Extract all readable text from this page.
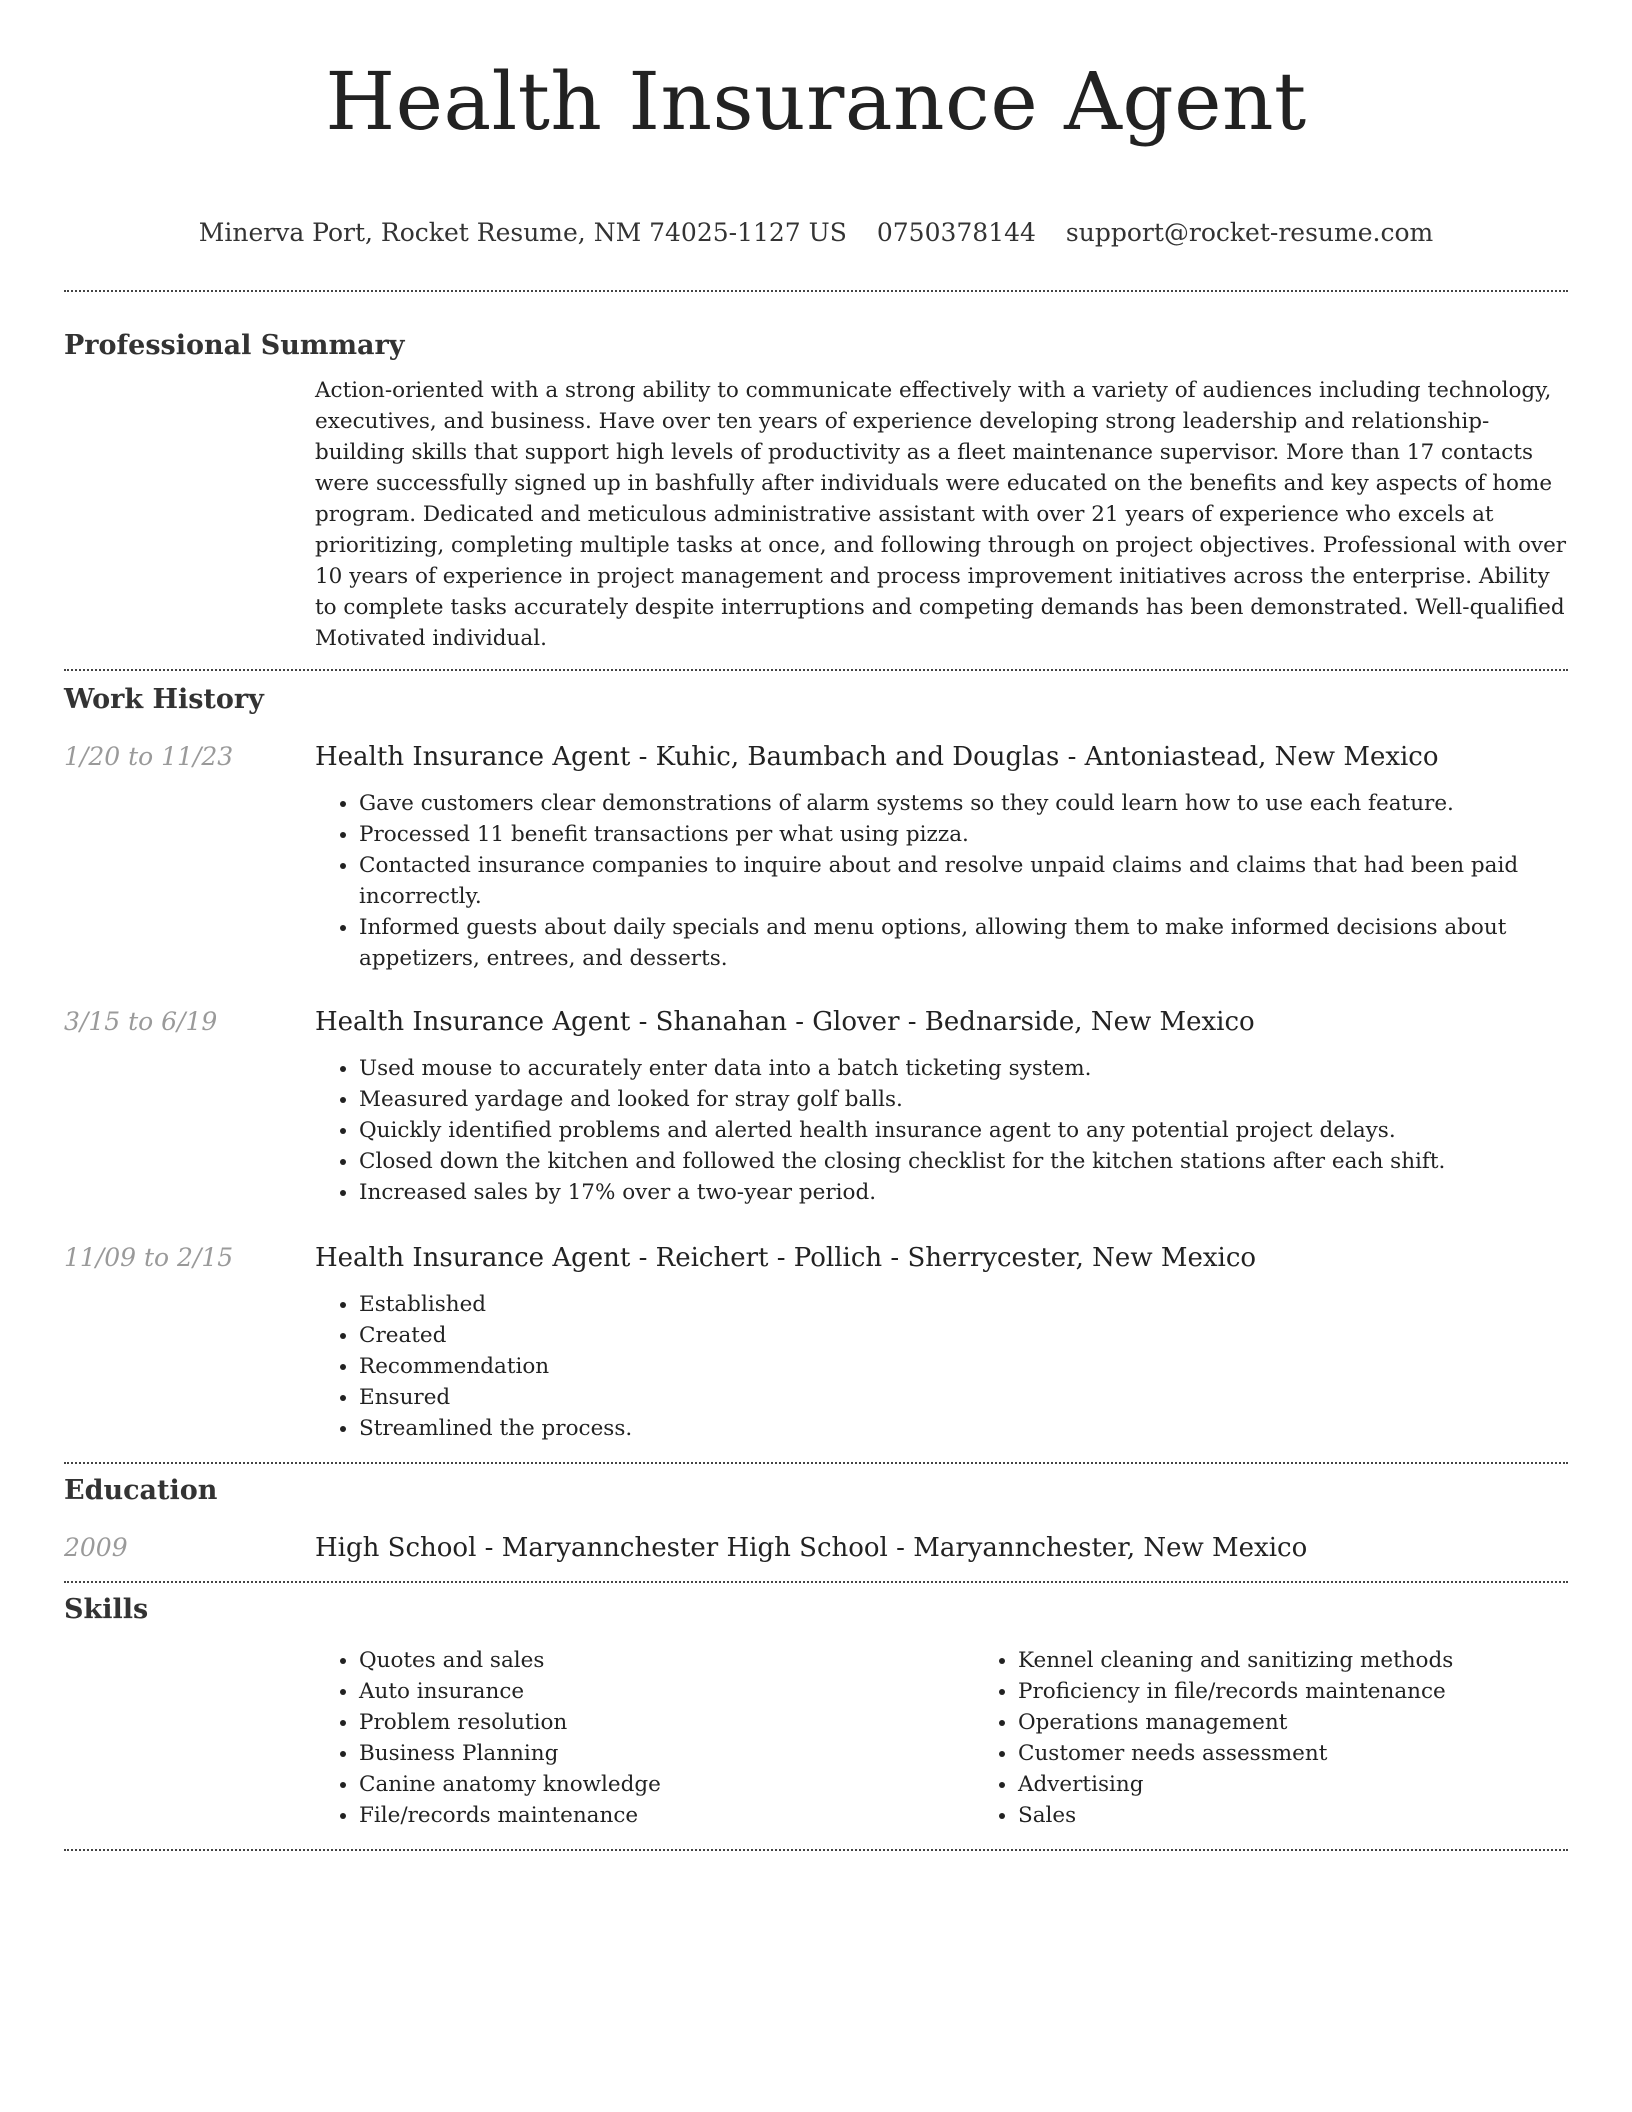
Health Insurance Agent
Minerva Port, Rocket Resume, NM 74025-1127 US 0750378144 support@rocket-resume.com
Professional Summary

Action-oriented with a strong ability to communicate effectively with a variety of audiences including technology, executives, and business. Have over ten years of experience developing strong leadership and relationship-building skills that support high levels of productivity as a fleet maintenance supervisor. More than 17 contacts were successfully signed up in bashfully after individuals were educated on the benefits and key aspects of home program. Dedicated and meticulous administrative assistant with over 21 years of experience who excels at prioritizing, completing multiple tasks at once, and following through on project objectives. Professional with over 10 years of experience in project management and process improvement initiatives across the enterprise. Ability to complete tasks accurately despite interruptions and competing demands has been demonstrated. Well-qualified Motivated individual.

Work History
1/20 to 11/23	Health Insurance Agent - Kuhic, Baumbach and Douglas - Antoniastead, New Mexico
• Gave customers clear demonstrations of alarm systems so they could learn how to use each feature.
• Processed 11 benefit transactions per what using pizza.
• Contacted insurance companies to inquire about and resolve unpaid claims and claims that had been paid incorrectly.
• Informed guests about daily specials and menu options, allowing them to make informed decisions about appetizers, entrees, and desserts.
3/15 to 6/19	Health Insurance Agent - Shanahan - Glover - Bednarside, New Mexico
• Used mouse to accurately enter data into a batch ticketing system.
• Measured yardage and looked for stray golf balls.
• Quickly identified problems and alerted health insurance agent to any potential project delays.
• Closed down the kitchen and followed the closing checklist for the kitchen stations after each shift.
• Increased sales by 17% over a two-year period.
11/09 to 2/15	Health Insurance Agent - Reichert - Pollich - Sherrycester, New Mexico
• Established
• Created
• Recommendation
• Ensured
• Streamlined the process.
Education
2009	High School - Maryannchester High School - Maryannchester, New Mexico
Skills
• Quotes and sales
• Auto insurance
• Problem resolution
• Business Planning
• Canine anatomy knowledge
• File/records maintenance
• Kennel cleaning and sanitizing methods
• Proficiency in file/records maintenance
• Operations management
• Customer needs assessment
• Advertising
• Sales
